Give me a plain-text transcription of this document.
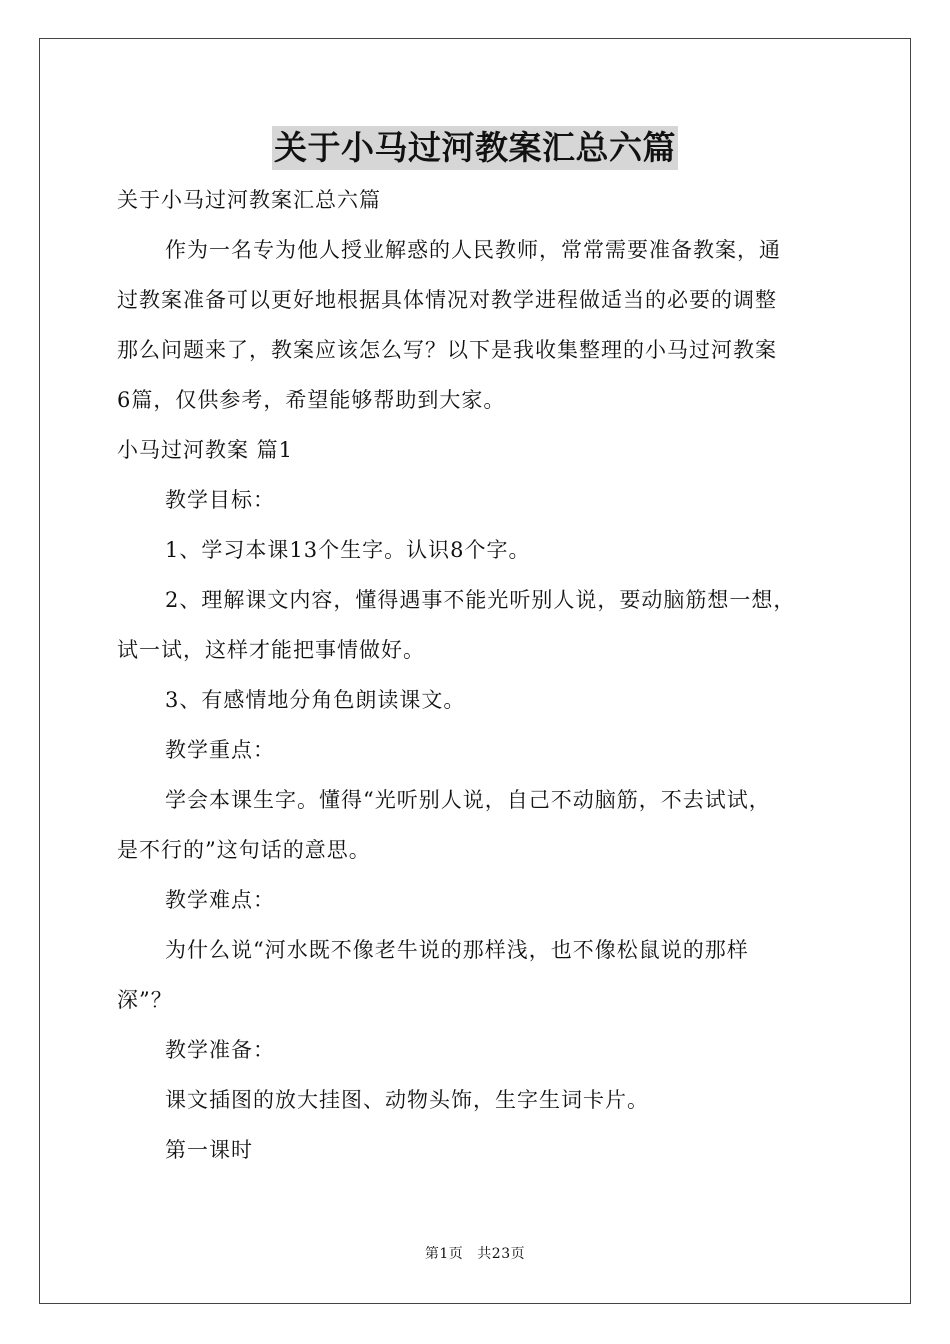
关于小马过河教案汇总六篇

关于小马过河教案汇总六篇

作为一名专为他人授业解惑的人民教师，常常需要准备教案，通

过教案准备可以更好地根据具体情况对教学进程做适当的必要的调整

那么问题来了，教案应该怎么写？以下是我收集整理的小马过河教案

6篇，仅供参考，希望能够帮助到大家。

小马过河教案 篇1

教学目标：

1、学习本课13个生字。认识8个字。

2、理解课文内容，懂得遇事不能光听别人说，要动脑筋想一想，

试一试，这样才能把事情做好。

3、有感情地分角色朗读课文。

教学重点：

学会本课生字。懂得“光听别人说，自己不动脑筋，不去试试，

是不行的”这句话的意思。

教学难点：

为什么说“河水既不像老牛说的那样浅，也不像松鼠说的那样

深”？

教学准备：

课文插图的放大挂图、动物头饰，生字生词卡片。

第一课时

第1页 共23页
